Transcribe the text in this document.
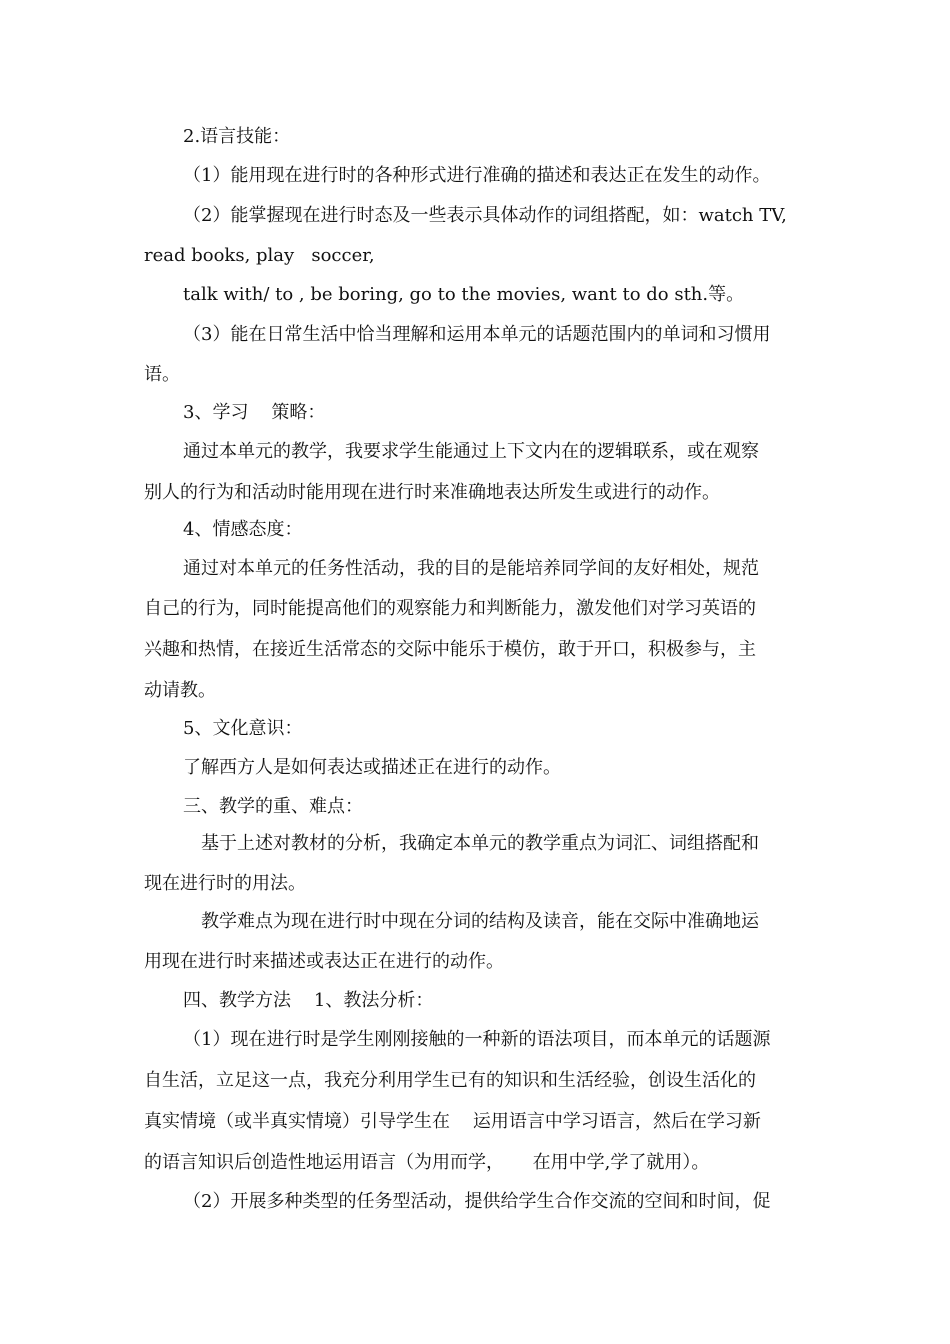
2.语言技能：
（1）能用现在进行时的各种形式进行准确的描述和表达正在发生的动作。
（2）能掌握现在进行时态及一些表示具体动作的词组搭配，如：watch TV,
read books, play   soccer,
talk with/ to , be boring, go to the movies, want to do sth.等。
（3）能在日常生活中恰当理解和运用本单元的话题范围内的单词和习惯用
语。
3、学习    策略：
通过本单元的教学，我要求学生能通过上下文内在的逻辑联系，或在观察
别人的行为和活动时能用现在进行时来准确地表达所发生或进行的动作。
4、情感态度：
通过对本单元的任务性活动，我的目的是能培养同学间的友好相处，规范
自己的行为，同时能提高他们的观察能力和判断能力，激发他们对学习英语的
兴趣和热情，在接近生活常态的交际中能乐于模仿，敢于开口，积极参与，主
动请教。
5、文化意识：
了解西方人是如何表达或描述正在进行的动作。
三、教学的重、难点：
基于上述对教材的分析，我确定本单元的教学重点为词汇、词组搭配和
现在进行时的用法。
教学难点为现在进行时中现在分词的结构及读音，能在交际中准确地运
用现在进行时来描述或表达正在进行的动作。
四、教学方法    1、教法分析：
（1）现在进行时是学生刚刚接触的一种新的语法项目，而本单元的话题源
自生活，立足这一点，我充分利用学生已有的知识和生活经验，创设生活化的
真实情境（或半真实情境）引导学生在    运用语言中学习语言，然后在学习新
的语言知识后创造性地运用语言（为用而学，     在用中学,学了就用）。
（2）开展多种类型的任务型活动，提供给学生合作交流的空间和时间，促
